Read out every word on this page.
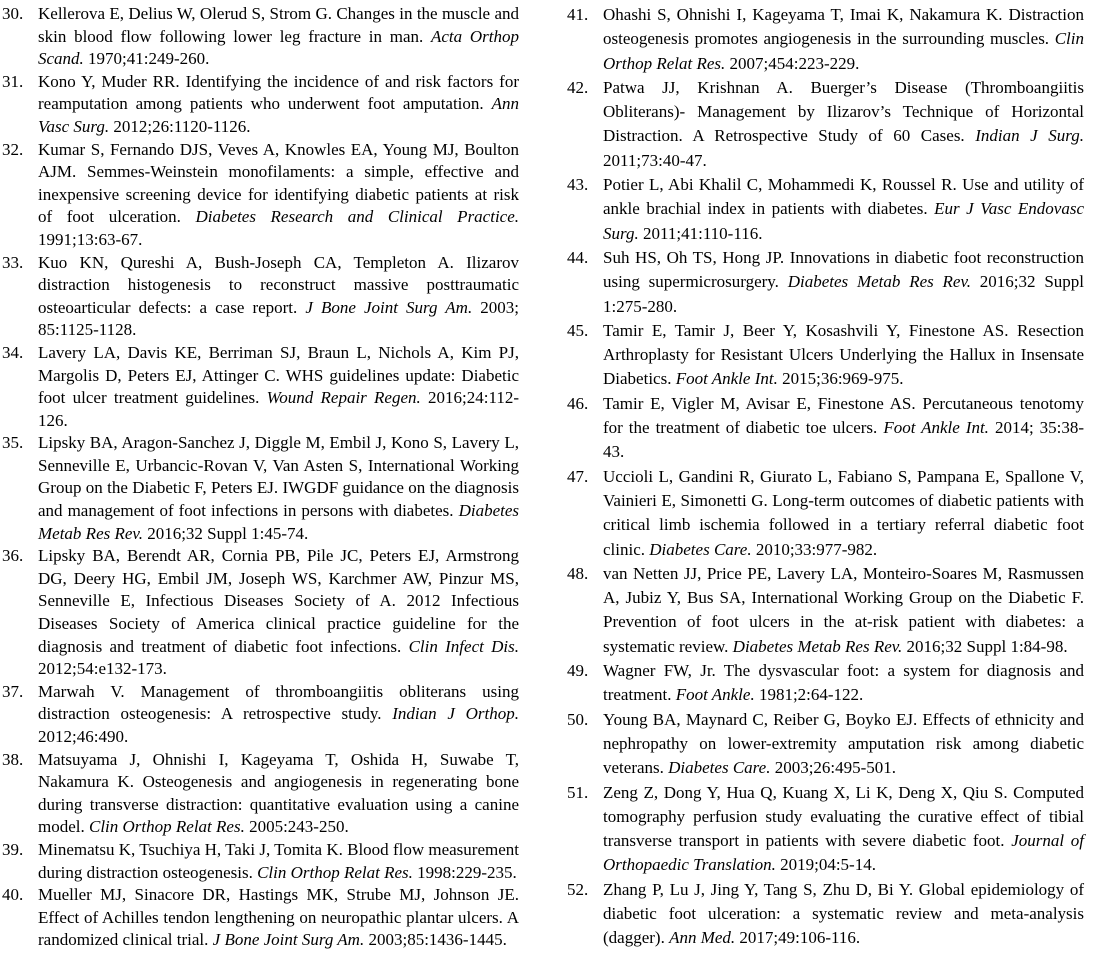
30. Kellerova E, Delius W, Olerud S, Strom G. Changes in the muscle and skin blood flow following lower leg fracture in man. Acta Orthop Scand. 1970;41:249-260.

31. Kono Y, Muder RR. Identifying the incidence of and risk factors for reamputation among patients who underwent foot amputation. Ann Vasc Surg. 2012;26:1120-1126.

32. Kumar S, Fernando DJS, Veves A, Knowles EA, Young MJ, Boulton AJM. Semmes-Weinstein monofilaments: a simple, effective and inexpensive screening device for identifying diabetic patients at risk of foot ulceration. Diabetes Research and Clinical Practice. 1991;13:63-67.

33. Kuo KN, Qureshi A, Bush-Joseph CA, Templeton A. Ilizarov distraction histogenesis to reconstruct massive posttraumatic osteoarticular defects: a case report. J Bone Joint Surg Am. 2003; 85:1125-1128.

34. Lavery LA, Davis KE, Berriman SJ, Braun L, Nichols A, Kim PJ, Margolis D, Peters EJ, Attinger C. WHS guidelines update: Diabetic foot ulcer treatment guidelines. Wound Repair Regen. 2016;24:112-126.

35. Lipsky BA, Aragon-Sanchez J, Diggle M, Embil J, Kono S, Lavery L, Senneville E, Urbancic-Rovan V, Van Asten S, International Working Group on the Diabetic F, Peters EJ. IWGDF guidance on the diagnosis and management of foot infections in persons with diabetes. Diabetes Metab Res Rev. 2016;32 Suppl 1:45-74.

36. Lipsky BA, Berendt AR, Cornia PB, Pile JC, Peters EJ, Armstrong DG, Deery HG, Embil JM, Joseph WS, Karchmer AW, Pinzur MS, Senneville E, Infectious Diseases Society of A. 2012 Infectious Diseases Society of America clinical practice guideline for the diagnosis and treatment of diabetic foot infections. Clin Infect Dis. 2012;54:e132-173.

37. Marwah V. Management of thromboangiitis obliterans using distraction osteogenesis: A retrospective study. Indian J Orthop. 2012;46:490.

38. Matsuyama J, Ohnishi I, Kageyama T, Oshida H, Suwabe T, Nakamura K. Osteogenesis and angiogenesis in regenerating bone during transverse distraction: quantitative evaluation using a canine model. Clin Orthop Relat Res. 2005:243-250.

39. Minematsu K, Tsuchiya H, Taki J, Tomita K. Blood flow measurement during distraction osteogenesis. Clin Orthop Relat Res. 1998:229-235.

40. Mueller MJ, Sinacore DR, Hastings MK, Strube MJ, Johnson JE. Effect of Achilles tendon lengthening on neuropathic plantar ulcers. A randomized clinical trial. J Bone Joint Surg Am. 2003;85:1436-1445.

41. Ohashi S, Ohnishi I, Kageyama T, Imai K, Nakamura K. Distraction osteogenesis promotes angiogenesis in the surrounding muscles. Clin Orthop Relat Res. 2007;454:223-229.

42. Patwa JJ, Krishnan A. Buerger’s Disease (Thromboangiitis Obliterans)- Management by Ilizarov’s Technique of Horizontal Distraction. A Retrospective Study of 60 Cases. Indian J Surg. 2011;73:40-47.

43. Potier L, Abi Khalil C, Mohammedi K, Roussel R. Use and utility of ankle brachial index in patients with diabetes. Eur J Vasc Endovasc Surg. 2011;41:110-116.

44. Suh HS, Oh TS, Hong JP. Innovations in diabetic foot reconstruction using supermicrosurgery. Diabetes Metab Res Rev. 2016;32 Suppl 1:275-280.

45. Tamir E, Tamir J, Beer Y, Kosashvili Y, Finestone AS. Resection Arthroplasty for Resistant Ulcers Underlying the Hallux in Insensate Diabetics. Foot Ankle Int. 2015;36:969-975.

46. Tamir E, Vigler M, Avisar E, Finestone AS. Percutaneous tenotomy for the treatment of diabetic toe ulcers. Foot Ankle Int. 2014; 35:38-43.

47. Uccioli L, Gandini R, Giurato L, Fabiano S, Pampana E, Spallone V, Vainieri E, Simonetti G. Long-term outcomes of diabetic patients with critical limb ischemia followed in a tertiary referral diabetic foot clinic. Diabetes Care. 2010;33:977-982.

48. van Netten JJ, Price PE, Lavery LA, Monteiro-Soares M, Rasmussen A, Jubiz Y, Bus SA, International Working Group on the Diabetic F. Prevention of foot ulcers in the at-risk patient with diabetes: a systematic review. Diabetes Metab Res Rev. 2016;32 Suppl 1:84-98.

49. Wagner FW, Jr. The dysvascular foot: a system for diagnosis and treatment. Foot Ankle. 1981;2:64-122.

50. Young BA, Maynard C, Reiber G, Boyko EJ. Effects of ethnicity and nephropathy on lower-extremity amputation risk among diabetic veterans. Diabetes Care. 2003;26:495-501.

51. Zeng Z, Dong Y, Hua Q, Kuang X, Li K, Deng X, Qiu S. Computed tomography perfusion study evaluating the curative effect of tibial transverse transport in patients with severe diabetic foot. Journal of Orthopaedic Translation. 2019;04:5-14.

52. Zhang P, Lu J, Jing Y, Tang S, Zhu D, Bi Y. Global epidemiology of diabetic foot ulceration: a systematic review and meta-analysis (dagger). Ann Med. 2017;49:106-116.
